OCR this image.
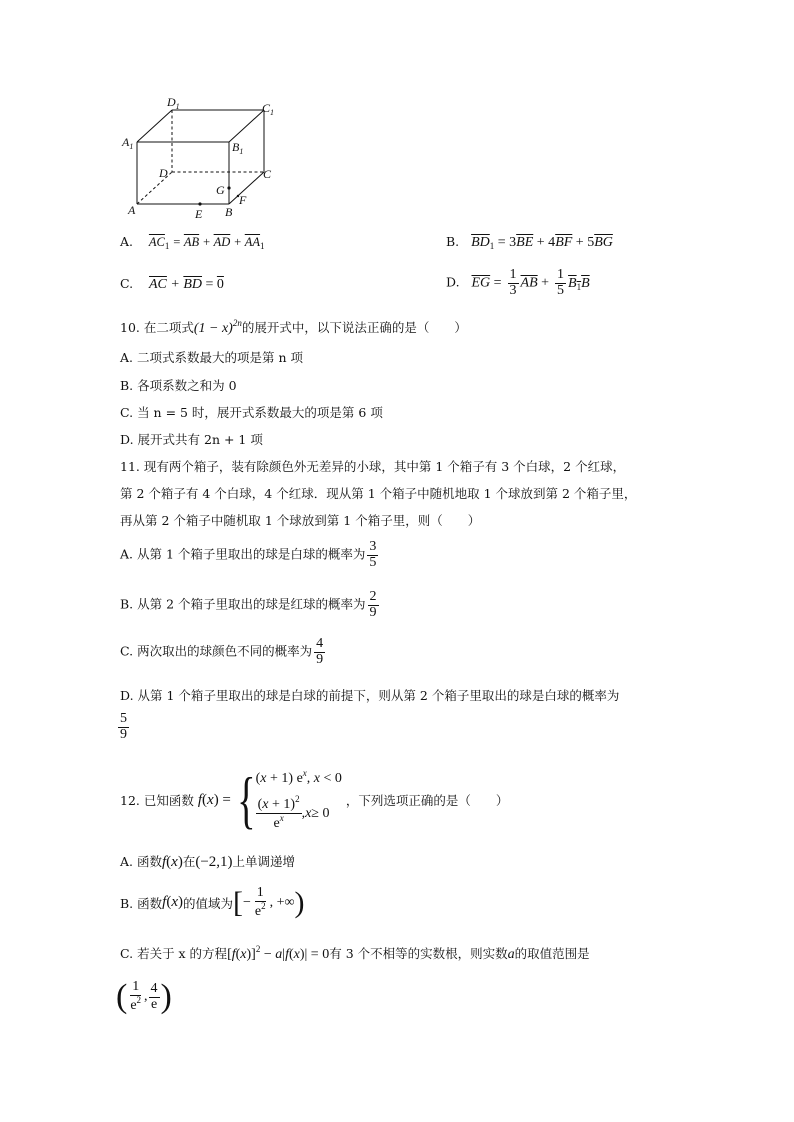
A	B
C
D
E
F
G
$A_1$	$B_1$
$C_1$
$D_1$
A. $\overline{AC}_1 = \overline{AB} + \overline{AD} + \overline{AA}_1$	B. $\overline{BD}_1 = 3\overline{BE} + 4\overline{BF} + 5\overline{BG}$
C. $\overline{AC} + \overline{BD} = 0$	D. $\overline{EG} = \frac{1}{3} \overline{AB} + \frac{1}{5} B_1B$
10. 在二项式$(1 - x)^{2n}$的展开式中，以下说法正确的是（　　）
A. 二项式系数最大的项是第 n 项
B. 各项系数之和为 0
C. 当 n = 5 时，展开式系数最大的项是第 6 项
D. 展开式共有 2n + 1 项
11. 现有两个箱子，装有除颜色外无差异的小球，其中第 1 个箱子有 3 个白球，2 个红球，
第 2 个箱子有 4 个白球，4 个红球．现从第 1 个箱子中随机地取 1 个球放到第 2 个箱子里，
再从第 2 个箱子中随机取 1 个球放到第 1 个箱子里，则（　　）
A. 从第 1 个箱子里取出的球是白球的概率为 $\frac{3}{5}$
B. 从第 2 个箱子里取出的球是红球的概率为 $\frac{2}{9}$
C. 两次取出的球颜色不同的概率为 $\frac{4}{9}$
D. 从第 1 个箱子里取出的球是白球的前提下，则从第 2 个箱子里取出的球是白球的概率为
$\frac{5}{9}$
12. 已知函数
f ( x ) = { (x + 1) $e^x$, x < 0
$\frac{(x + 1)^2}{e^x}$ , x ≥ 0

，下列选项正确的是（　　）
A. 函数f(x)在(−2,1)上单调递增
B. 函数 f ( x ) 的值域为 [ − $\frac{1}{e^2}$ , +∞ )
C. 若关于 x 的方程$[f(x)]^2 - a|f(x)| = 0$有 3 个不相等的实数根，则实数a的取值范围是
( $\frac{1}{e^2}$ , $\frac{4}{e}$ )
